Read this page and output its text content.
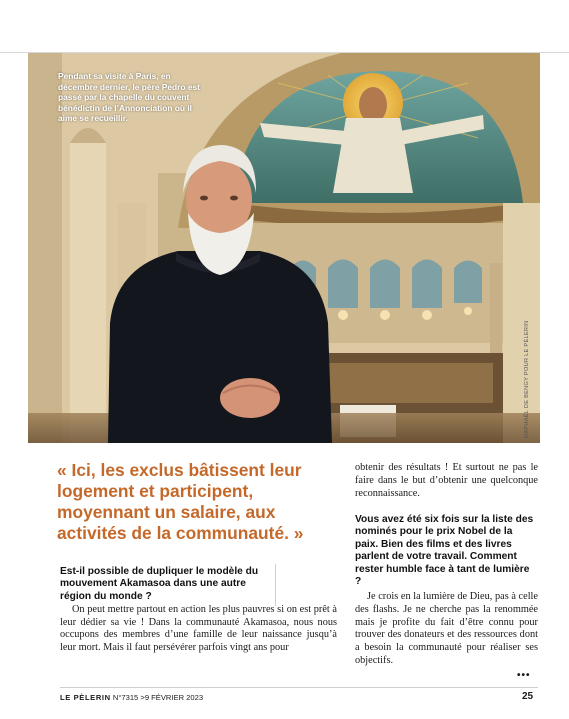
Pendant sa visite à Paris, en décembre dernier, le père Pedro est passé par la chapelle du couvent bénédictin de l’Annonciation où il aime se recueillir.
RAPHAËL DE BENGY POUR LE PÈLERIN

« Ici, les exclus bâtissent leur logement et participent, moyennant un salaire, aux activités de la communauté. »

Est-il possible de dupliquer le modèle du mouvement Akamasoa dans une autre région du monde ?

On peut mettre partout en action les plus pauvres si on est prêt à leur dédier sa vie ! Dans la communauté Akamasoa, nous nous occupons des membres d’une famille de leur naissance jusqu’à leur mort. Mais il faut persévérer parfois vingt ans pour

obtenir des résultats ! Et surtout ne pas le faire dans le but d’obtenir une quelconque reconnaissance.

Vous avez été six fois sur la liste des nominés pour le prix Nobel de la paix. Bien des films et des livres parlent de votre travail. Comment rester humble face à tant de lumière ?

Je crois en la lumière de Dieu, pas à celle des flashs. Je ne cherche pas la renommée mais je profite du fait d’être connu pour trouver des donateurs et des ressources dont a besoin la communauté pour réaliser ses objectifs.

•••
LE PÈLERIN N°7315 >9 FÉVRIER 2023	25
